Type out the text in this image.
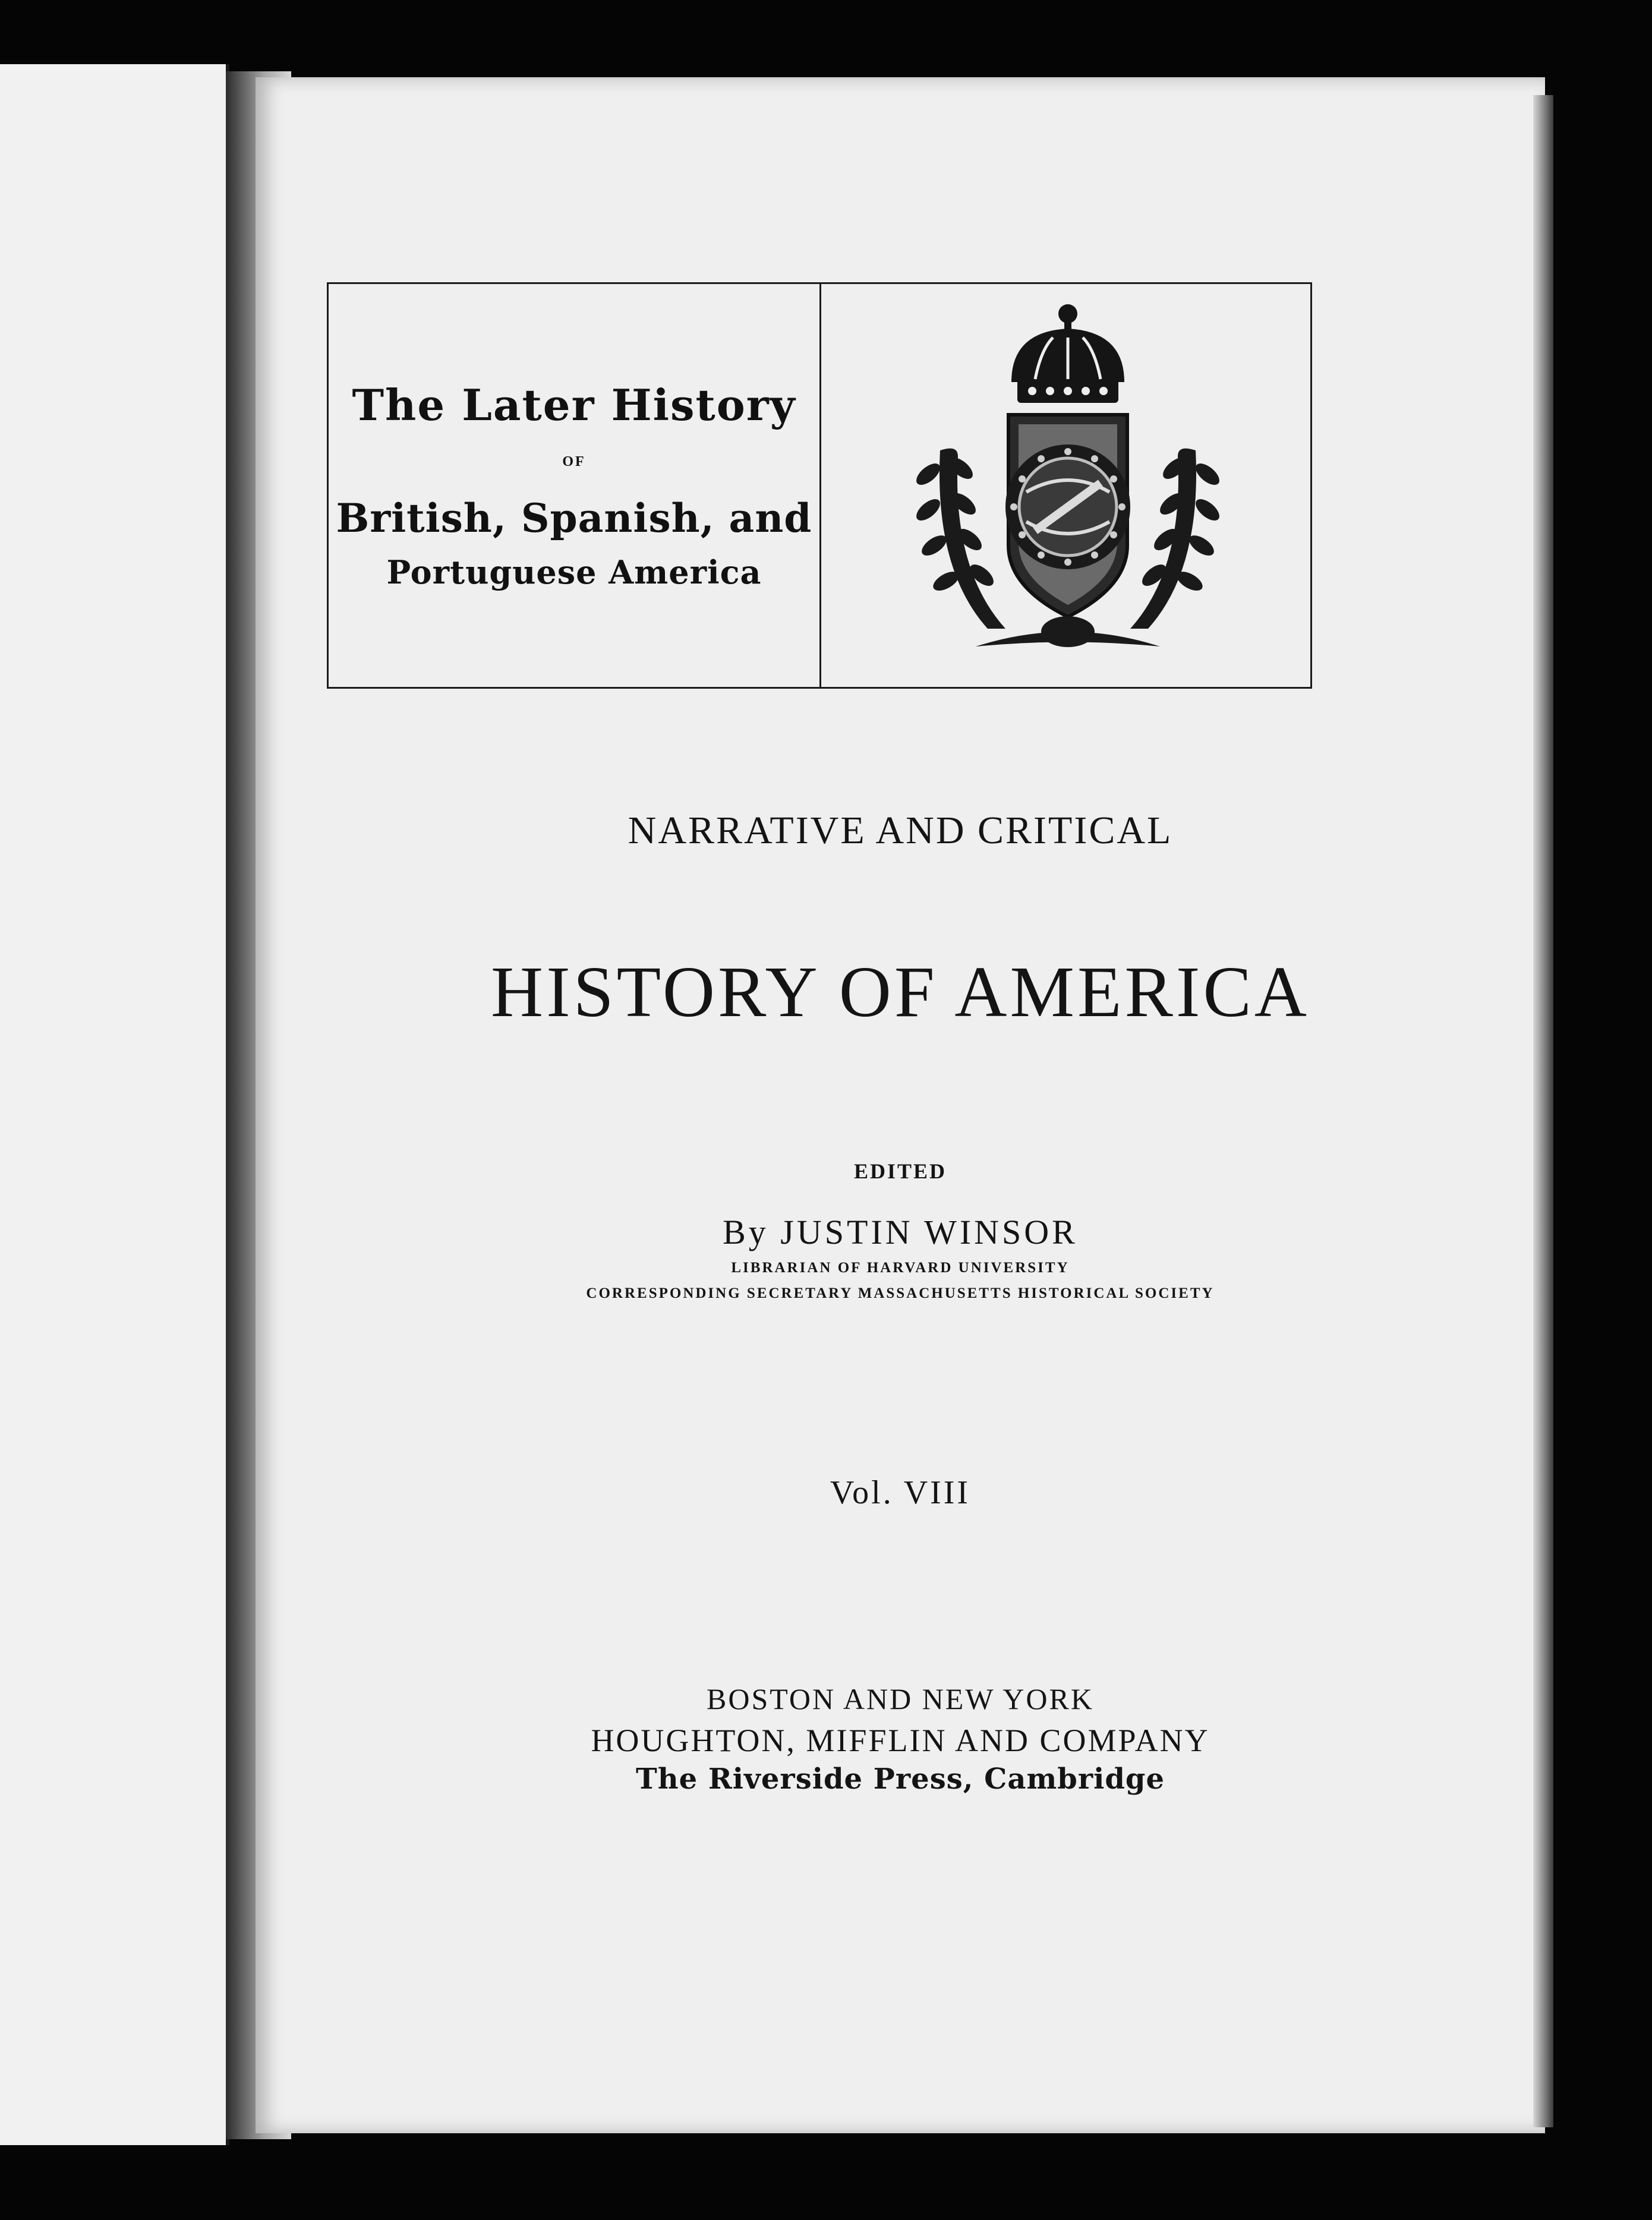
The Later History
OF
British, Spanish, and
Portuguese America
NARRATIVE AND CRITICAL
HISTORY OF AMERICA
EDITED
By JUSTIN WINSOR
LIBRARIAN OF HARVARD UNIVERSITY
CORRESPONDING SECRETARY MASSACHUSETTS HISTORICAL SOCIETY
Vol. VIII
BOSTON AND NEW YORK
HOUGHTON, MIFFLIN AND COMPANY
The Riverside Press, Cambridge
